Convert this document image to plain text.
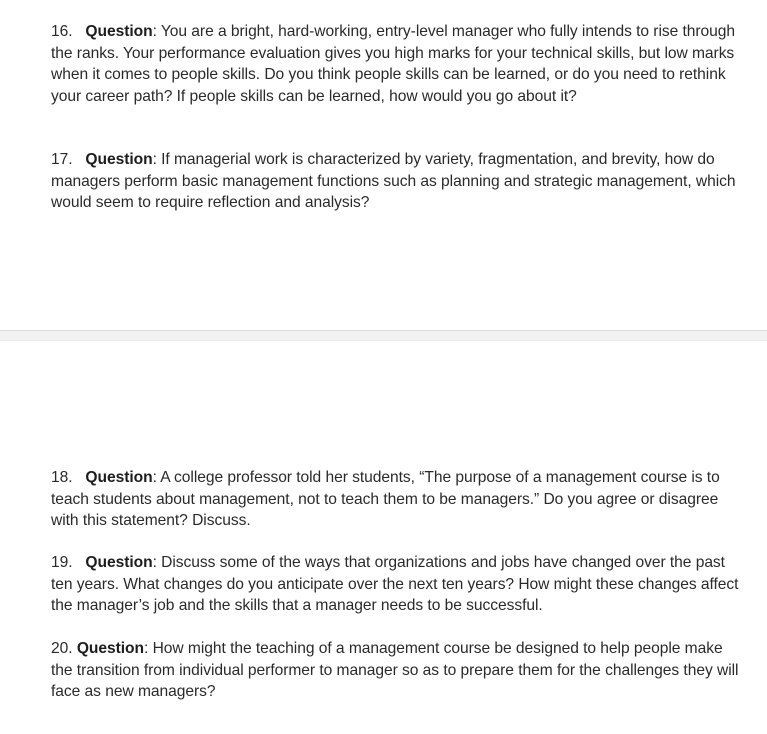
16. Question: You are a bright, hard-working, entry-level manager who fully intends to rise through the ranks. Your performance evaluation gives you high marks for your technical skills, but low marks when it comes to people skills. Do you think people skills can be learned, or do you need to rethink your career path? If people skills can be learned, how would you go about it?

17. Question: If managerial work is characterized by variety, fragmentation, and brevity, how do managers perform basic management functions such as planning and strategic management, which would seem to require reflection and analysis?

18. Question: A college professor told her students, “The purpose of a management course is to teach students about management, not to teach them to be managers.” Do you agree or disagree with this statement? Discuss.

19. Question: Discuss some of the ways that organizations and jobs have changed over the past ten years. What changes do you anticipate over the next ten years? How might these changes affect the manager’s job and the skills that a manager needs to be successful.

20. Question: How might the teaching of a management course be designed to help people make the transition from individual performer to manager so as to prepare them for the challenges they will face as new managers?
